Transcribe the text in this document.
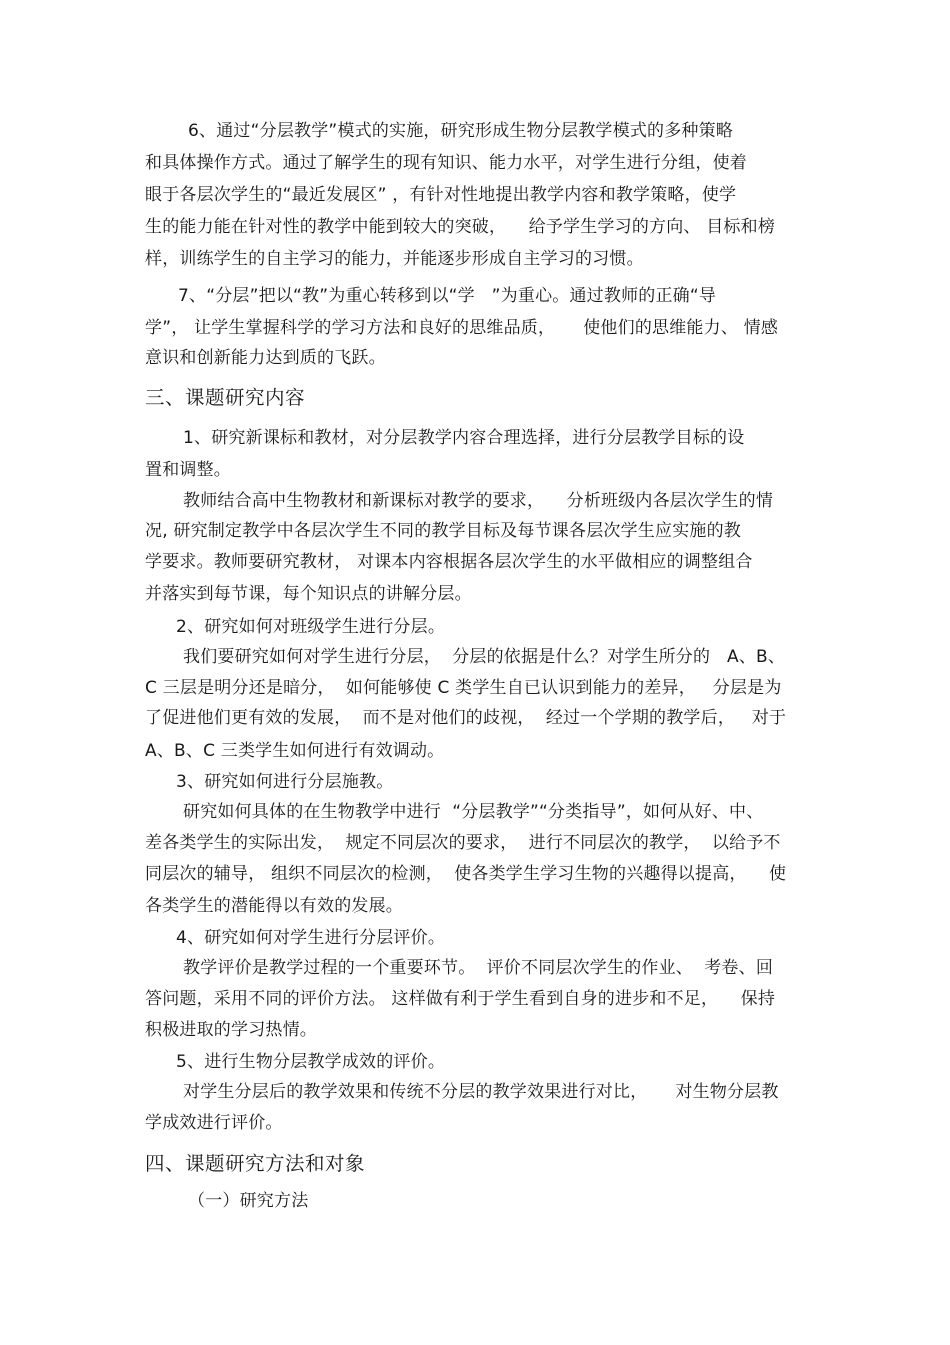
6、通过“分层教学”模式的实施，研究形成生物分层教学模式的多种策略
和具体操作方式。通过了解学生的现有知识、能力水平，对学生进行分组，使着
眼于各层次学生的“最近发展区” ，有针对性地提出教学内容和教学策略，使学
生的能力能在针对性的教学中能到较大的突破，    给予学生学习的方向、 目标和榜
样，训练学生的自主学习的能力，并能逐步形成自主学习的习惯。
7、“分层”把以“教”为重心转移到以“学   ”为重心。通过教师的正确“导
学”， 让学生掌握科学的学习方法和良好的思维品质，     使他们的思维能力、 情感
意识和创新能力达到质的飞跃。
三、课题研究内容
1、研究新课标和教材，对分层教学内容合理选择，进行分层教学目标的设
置和调整。
教师结合高中生物教材和新课标对教学的要求，    分析班级内各层次学生的情
况, 研究制定教学中各层次学生不同的教学目标及每节课各层次学生应实施的教
学要求。教师要研究教材， 对课本内容根据各层次学生的水平做相应的调整组合
并落实到每节课，每个知识点的讲解分层。
2、研究如何对班级学生进行分层。
我们要研究如何对学生进行分层，  分层的依据是什么？对学生所分的   A、B、
C 三层是明分还是暗分，  如何能够使 C 类学生自已认识到能力的差异，   分层是为
了促进他们更有效的发展，  而不是对他们的歧视，  经过一个学期的教学后，   对于
A、B、C 三类学生如何进行有效调动。
3、研究如何进行分层施教。
研究如何具体的在生物教学中进行  “分层教学”“分类指导”，如何从好、中、
差各类学生的实际出发，  规定不同层次的要求，  进行不同层次的教学，  以给予不
同层次的辅导， 组织不同层次的检测，  使各类学生学习生物的兴趣得以提高，    使
各类学生的潜能得以有效的发展。
4、研究如何对学生进行分层评价。
教学评价是教学过程的一个重要环节。  评价不同层次学生的作业、  考卷、回
答问题，采用不同的评价方法。 这样做有利于学生看到自身的进步和不足，    保持
积极进取的学习热情。
5、进行生物分层教学成效的评价。
对学生分层后的教学效果和传统不分层的教学效果进行对比，     对生物分层教
学成效进行评价。
四、课题研究方法和对象
（一）研究方法
